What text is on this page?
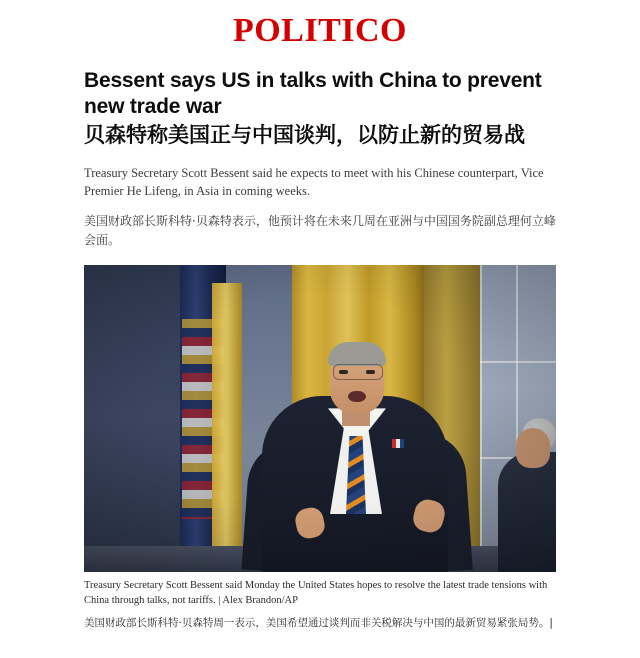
POLITICO
Bessent says US in talks with China to prevent new trade war
贝森特称美国正与中国谈判，以防止新的贸易战

Treasury Secretary Scott Bessent said he expects to meet with his Chinese counterpart, Vice Premier He Lifeng, in Asia in coming weeks.

美国财政部长斯科特·贝森特表示，他预计将在未来几周在亚洲与中国国务院副总理何立峰会面。

Treasury Secretary Scott Bessent said Monday the United States hopes to resolve the latest trade tensions with China through talks, not tariffs. | Alex Brandon/AP
美国财政部长斯科特·贝森特周一表示，美国希望通过谈判而非关税解决与中国的最新贸易紧张局势。|
